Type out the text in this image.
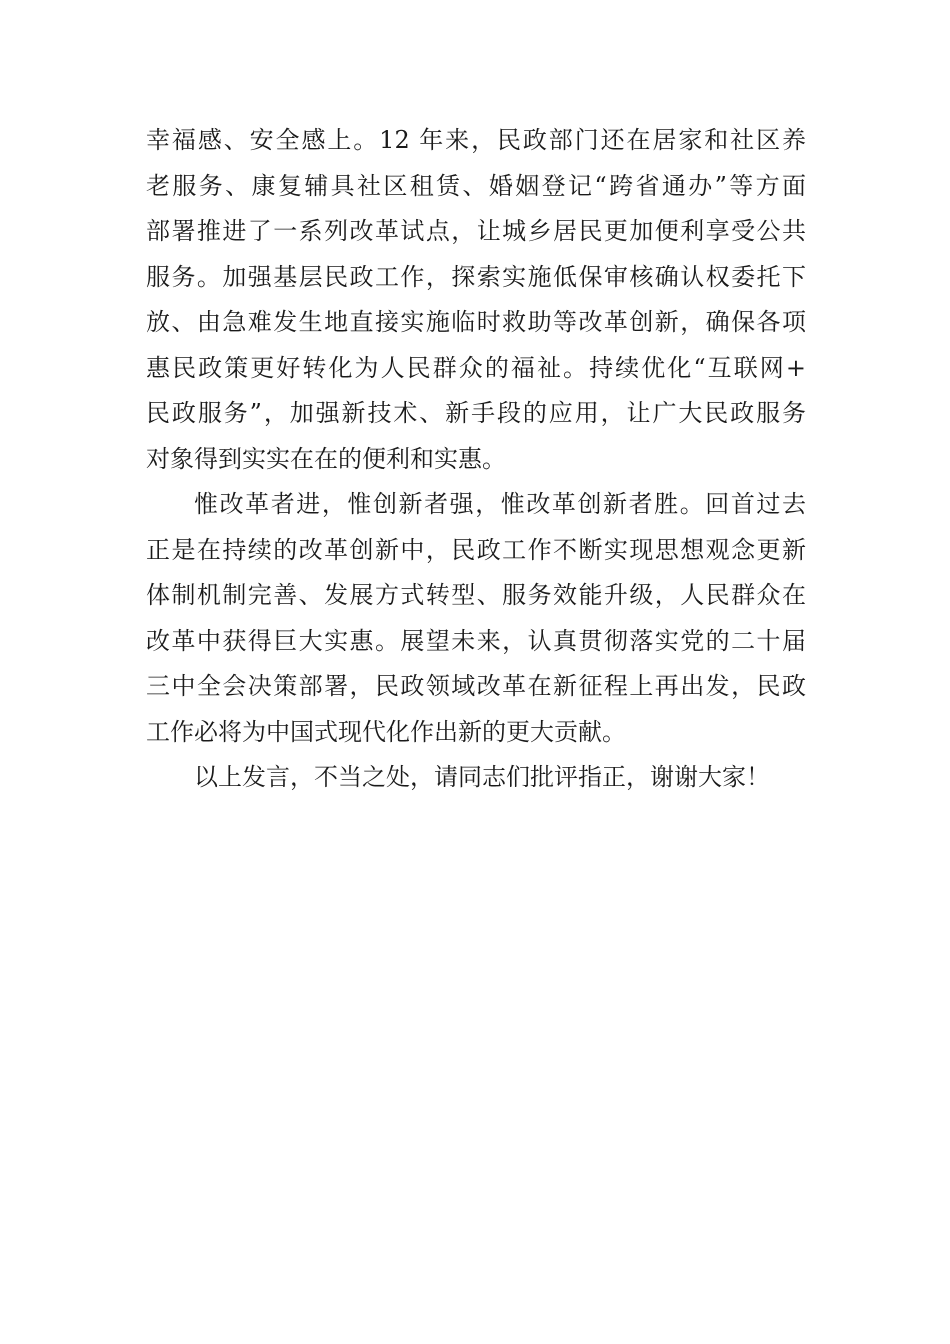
幸福感、安全感上。12 年来，民政部门还在居家和社区养
老服务、康复辅具社区租赁、婚姻登记“跨省通办”等方面
部署推进了一系列改革试点，让城乡居民更加便利享受公共
服务。加强基层民政工作，探索实施低保审核确认权委托下
放、由急难发生地直接实施临时救助等改革创新，确保各项
惠民政策更好转化为人民群众的福祉。持续优化“互联网+
民政服务”，加强新技术、新手段的应用，让广大民政服务
对象得到实实在在的便利和实惠。
惟改革者进，惟创新者强，惟改革创新者胜。回首过去
正是在持续的改革创新中，民政工作不断实现思想观念更新
体制机制完善、发展方式转型、服务效能升级，人民群众在
改革中获得巨大实惠。展望未来，认真贯彻落实党的二十届
三中全会决策部署，民政领域改革在新征程上再出发，民政
工作必将为中国式现代化作出新的更大贡献。
以上发言，不当之处，请同志们批评指正，谢谢大家！
